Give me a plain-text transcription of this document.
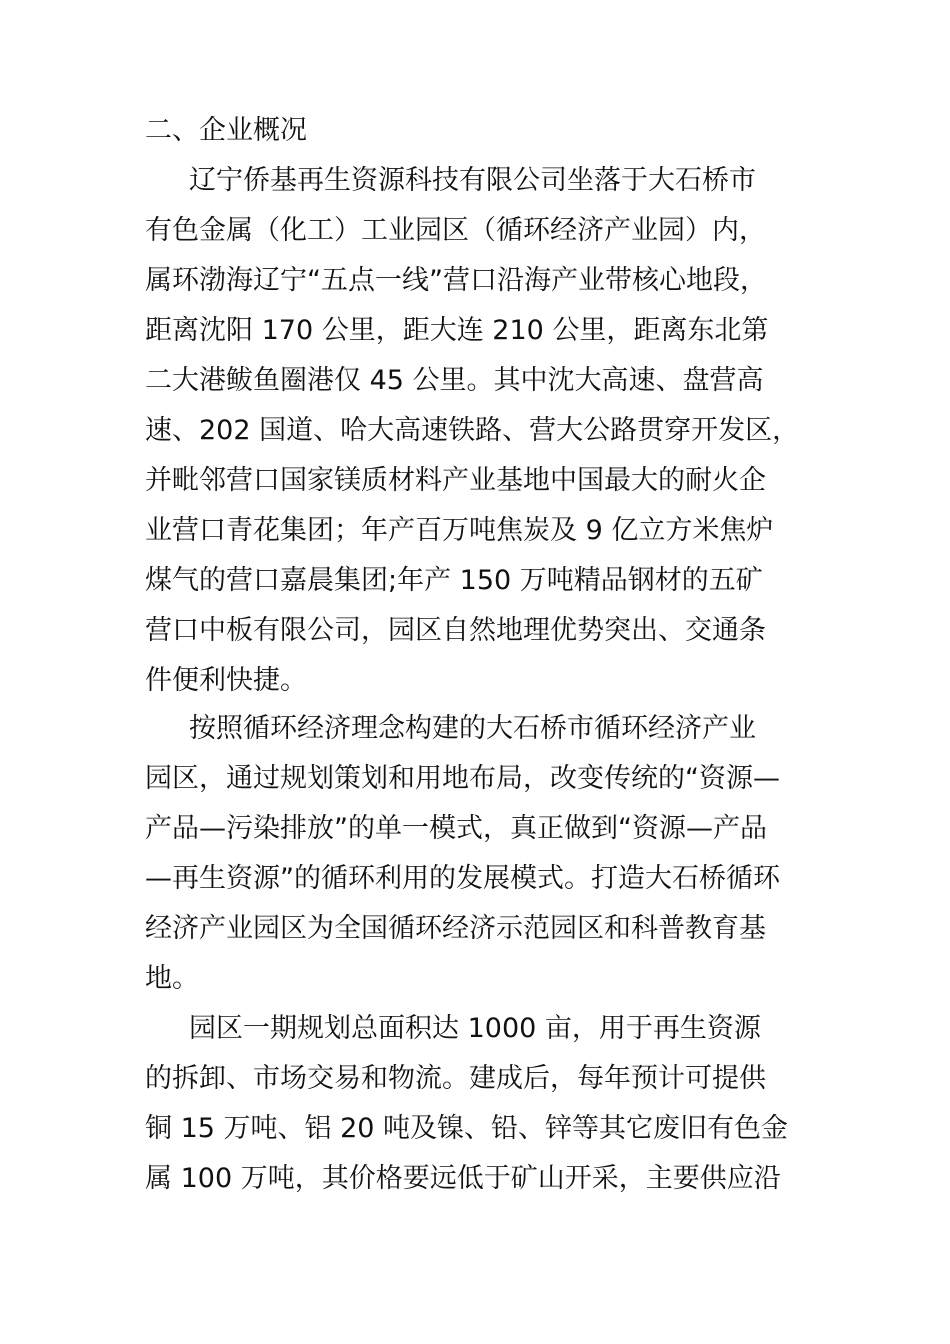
二、企业概况
辽宁侨基再生资源科技有限公司坐落于大石桥市
有色金属（化工）工业园区（循环经济产业园）内，
属环渤海辽宁“五点一线”营口沿海产业带核心地段，
距离沈阳 170 公里，距大连 210 公里，距离东北第
二大港鲅鱼圈港仅 45 公里。其中沈大高速、盘营高
速、202 国道、哈大高速铁路、营大公路贯穿开发区，
并毗邻营口国家镁质材料产业基地中国最大的耐火企
业营口青花集团；年产百万吨焦炭及 9 亿立方米焦炉
煤气的营口嘉晨集团;年产 150 万吨精品钢材的五矿
营口中板有限公司，园区自然地理优势突出、交通条
件便利快捷。
按照循环经济理念构建的大石桥市循环经济产业
园区，通过规划策划和用地布局，改变传统的“资源—
产品—污染排放”的单一模式，真正做到“资源—产品
—再生资源”的循环利用的发展模式。打造大石桥循环
经济产业园区为全国循环经济示范园区和科普教育基
地。
园区一期规划总面积达 1000 亩，用于再生资源
的拆卸、市场交易和物流。建成后，每年预计可提供
铜 15 万吨、铝 20 吨及镍、铅、锌等其它废旧有色金
属 100 万吨，其价格要远低于矿山开采，主要供应沿
